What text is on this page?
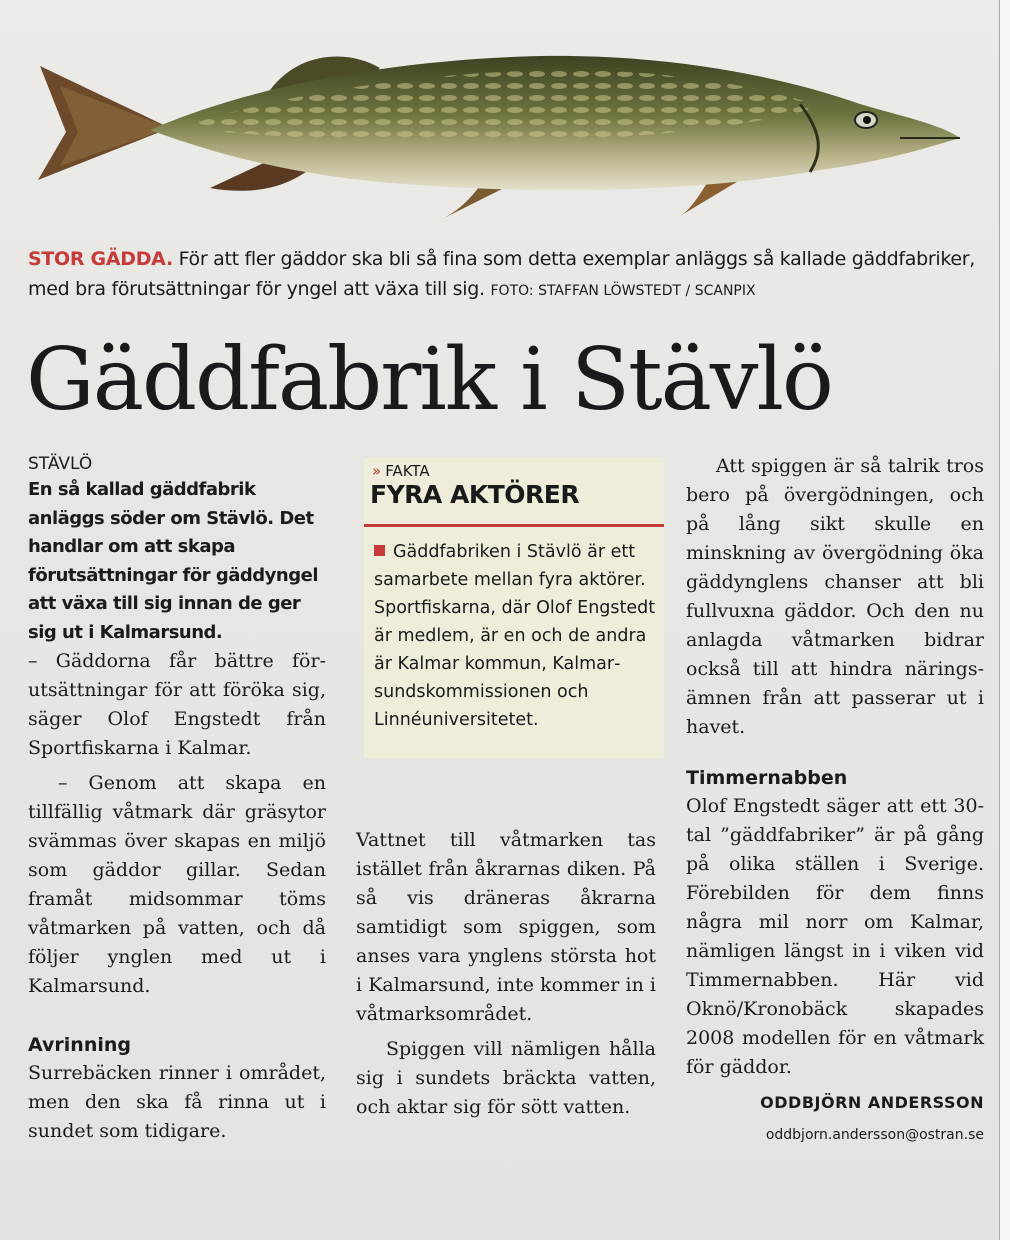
STOR GÄDDA. För att fler gäddor ska bli så fina som detta exemplar anläggs så kallade gäddfabriker, med bra förutsättningar för yngel att växa till sig. FOTO: STAFFAN LÖWSTEDT / SCANPIX
Gäddfabrik i Stävlö

STÄVLÖ

En så kallad gäddfabrik anläggs söder om Stävlö. Det handlar om att skapa förutsättningar för gäddyngel att växa till sig innan de ger sig ut i Kalmarsund.

– Gäddorna får bättre förutsättningar för att föröka sig, säger Olof Engstedt från Sportfiskarna i Kalmar.

– Genom att skapa en tillfällig våtmark där gräsytor svämmas över skapas en miljö som gäddor gillar. Sedan framåt midsommar töms våtmarken på vatten, och då följer ynglen med ut i Kalmarsund.

Avrinning

Surrebäcken rinner i området, men den ska få rinna ut i sundet som tidigare.

» FAKTA
FYRA AKTÖRER
Gäddfabriken i Stävlö är ett samarbete mellan fyra aktörer. Sportfiskarna, där Olof Engstedt är medlem, är en och de andra är Kalmar kommun, Kalmarsundskommissionen och Linnéuniversitetet.

Vattnet till våtmarken tas istället från åkrarnas diken. På så vis dräneras åkrarna samtidigt som spiggen, som anses vara ynglens största hot i Kalmarsund, inte kommer in i våtmarksområdet.

Spiggen vill nämligen hålla sig i sundets bräckta vatten, och aktar sig för sött vatten.

Att spiggen är så talrik tros bero på övergödningen, och på lång sikt skulle en minskning av övergödning öka gäddynglens chanser att bli fullvuxna gäddor. Och den nu anlagda våtmarken bidrar också till att hindra näringsämnen från att passerar ut i havet.

Timmernabben

Olof Engstedt säger att ett 30-tal ”gäddfabriker” är på gång på olika ställen i Sverige. Förebilden för dem finns några mil norr om Kalmar, nämligen längst in i viken vid Timmernabben. Här vid Oknö/Kronobäck skapades 2008 modellen för en våtmark för gäddor.

ODDBJÖRN ANDERSSON

oddbjorn.andersson@ostran.se
